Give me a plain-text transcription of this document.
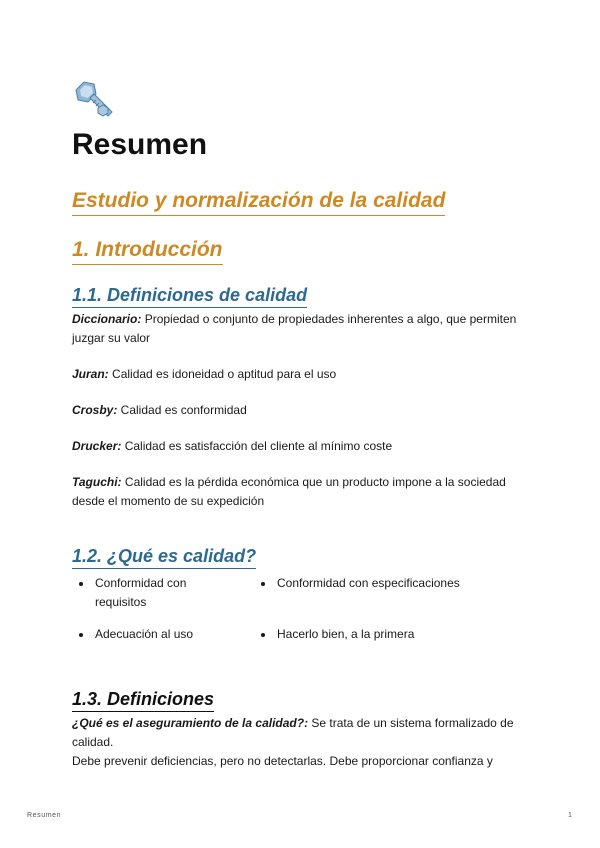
Resumen
Estudio y normalización de la calidad
1. Introducción
1.1. Definiciones de calidad

Diccionario: Propiedad o conjunto de propiedades inherentes a algo, que permiten juzgar su valor

Juran: Calidad es idoneidad o aptitud para el uso

Crosby: Calidad es conformidad

Drucker: Calidad es satisfacción del cliente al mínimo coste

Taguchi: Calidad es la pérdida económica que un producto impone a la sociedad desde el momento de su expedición

1.2. ¿Qué es calidad?

Conformidad con requisitos

Conformidad con especificaciones

Adecuación al uso	Hacerlo bien, a la primera

1.3. Definiciones

¿Qué es el aseguramiento de la calidad?: Se trata de un sistema formalizado de calidad.
Debe prevenir deficiencias, pero no detectarlas. Debe proporcionar confianza y

Resumen	1
